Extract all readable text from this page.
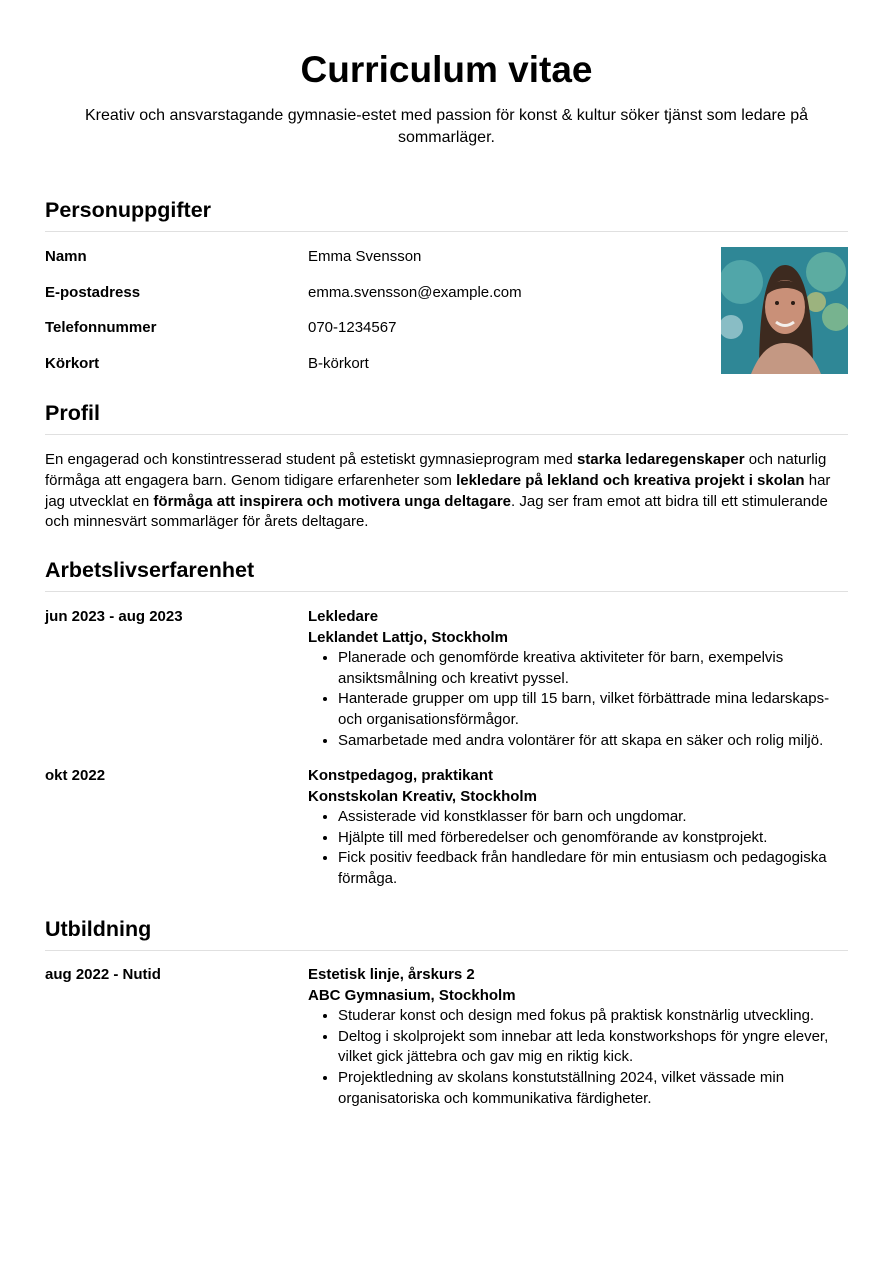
Curriculum vitae
Kreativ och ansvarstagande gymnasie-estet med passion för konst & kultur söker tjänst som ledare på sommarläger.
Personuppgifter
Namn	Emma Svensson
E-postadress	emma.svensson@example.com
Telefonnummer	070-1234567
Körkort	B-körkort
Profil
En engagerad och konstintresserad student på estetiskt gymnasieprogram med starka ledaregenskaper och naturlig förmåga att engagera barn. Genom tidigare erfarenheter som lekledare på lekland och kreativa projekt i skolan har jag utvecklat en förmåga att inspirera och motivera unga deltagare. Jag ser fram emot att bidra till ett stimulerande och minnesvärt sommarläger för årets deltagare.
Arbetslivserfarenhet
jun 2023 - aug 2023	Lekledare
Leklandet Lattjo, Stockholm
• Planerade och genomförde kreativa aktiviteter för barn, exempelvis ansiktsmålning och kreativt pyssel.
• Hanterade grupper om upp till 15 barn, vilket förbättrade mina ledarskaps- och organisationsförmågor.
• Samarbetade med andra volontärer för att skapa en säker och rolig miljö.
okt 2022	Konstpedagog, praktikant
Konstskolan Kreativ, Stockholm
• Assisterade vid konstklasser för barn och ungdomar.
• Hjälpte till med förberedelser och genomförande av konstprojekt.
• Fick positiv feedback från handledare för min entusiasm och pedagogiska förmåga.
Utbildning
aug 2022 - Nutid	Estetisk linje, årskurs 2
ABC Gymnasium, Stockholm
• Studerar konst och design med fokus på praktisk konstnärlig utveckling.
• Deltog i skolprojekt som innebar att leda konstworkshops för yngre elever, vilket gick jättebra och gav mig en riktig kick.
• Projektledning av skolans konstutställning 2024, vilket vässade min organisatoriska och kommunikativa färdigheter.
